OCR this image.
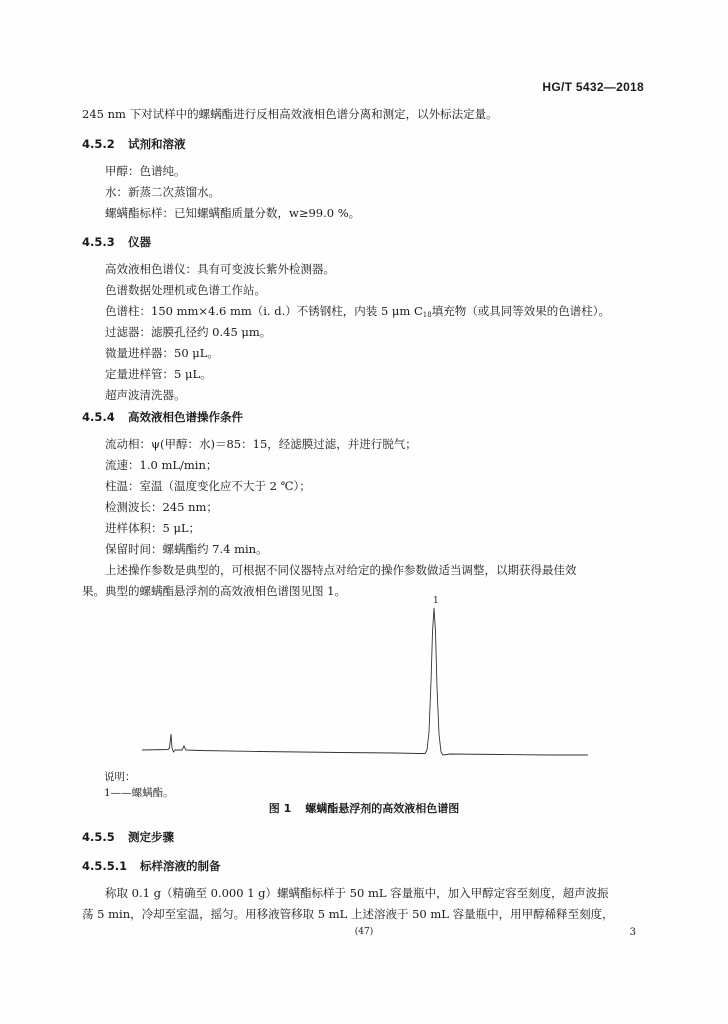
HG/T 5432—2018
245 nm 下对试样中的螺螨酯进行反相高效液相色谱分离和测定，以外标法定量。
4.5.2 试剂和溶液
甲醇：色谱纯。
水：新蒸二次蒸馏水。
螺螨酯标样：已知螺螨酯质量分数，w≥99.0 %。
4.5.3 仪器
高效液相色谱仪：具有可变波长紫外检测器。
色谱数据处理机或色谱工作站。
色谱柱：150 mm×4.6 mm（i. d.）不锈钢柱，内装 5 μm $C_{18}$填充物（或具同等效果的色谱柱）。
过滤器：滤膜孔径约 0.45 μm。
微量进样器：50 μL。
定量进样管：5 μL。
超声波清洗器。
4.5.4 高效液相色谱操作条件
流动相：ψ(甲醇：水)＝85：15，经滤膜过滤，并进行脱气；
流速：1.0 mL/min；
柱温：室温（温度变化应不大于 2 ℃）；
检测波长：245 nm；
进样体积：5 μL；
保留时间：螺螨酯约 7.4 min。
上述操作参数是典型的，可根据不同仪器特点对给定的操作参数做适当调整，以期获得最佳效
果。典型的螺螨酯悬浮剂的高效液相色谱图见图 1。
1
说明：
1——螺螨酯。
图 1 螺螨酯悬浮剂的高效液相色谱图
4.5.5 测定步骤
4.5.5.1 标样溶液的制备
称取 0.1 g（精确至 0.000 1 g）螺螨酯标样于 50 mL 容量瓶中，加入甲醇定容至刻度，超声波振
荡 5 min，冷却至室温，摇匀。用移液管移取 5 mL 上述溶液于 50 mL 容量瓶中，用甲醇稀释至刻度，
(47)	3
